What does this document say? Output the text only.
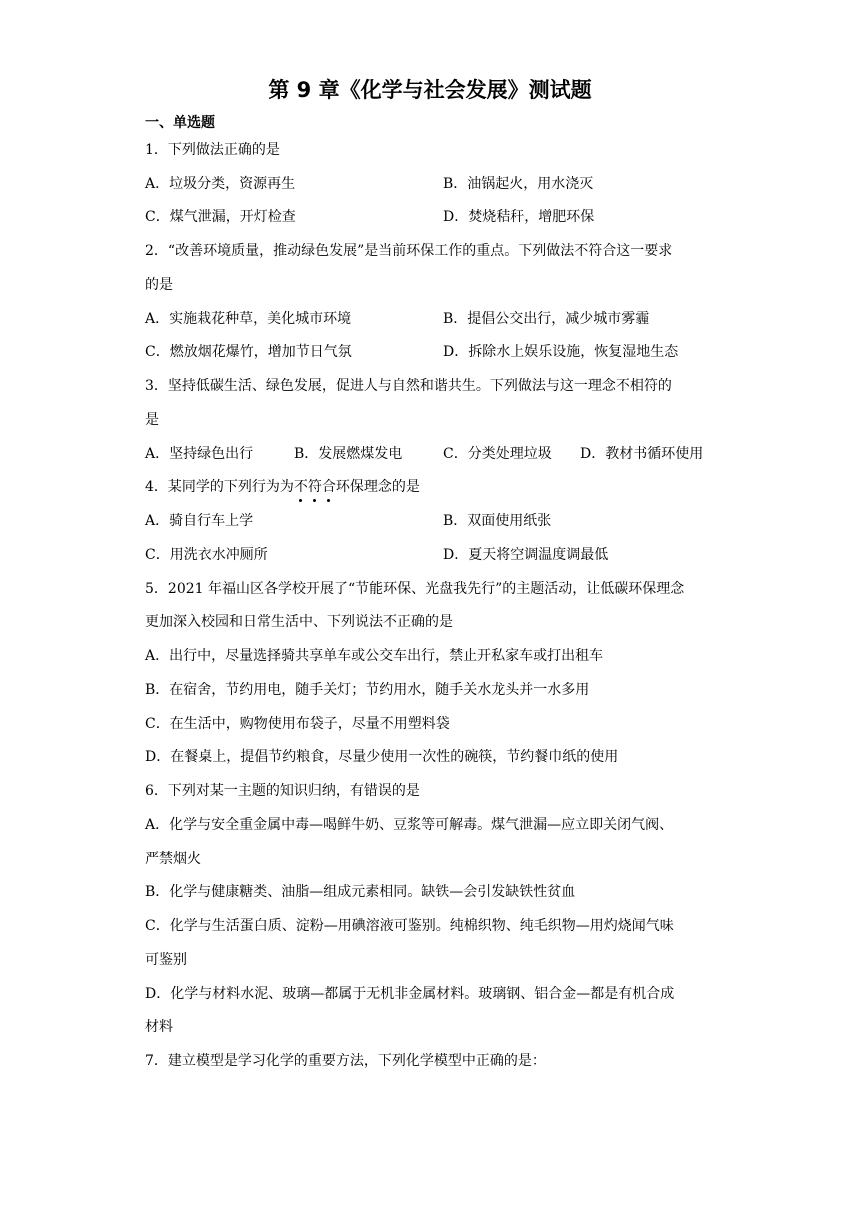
第 9 章《化学与社会发展》测试题
一、单选题
1．下列做法正确的是
A．垃圾分类，资源再生	B．油锅起火，用水浇灭
C．煤气泄漏，开灯检查	D．焚烧秸秆，增肥环保
2．“改善环境质量，推动绿色发展”是当前环保工作的重点。下列做法不符合这一要求
的是
A．实施栽花种草，美化城市环境	B．提倡公交出行，减少城市雾霾
C．燃放烟花爆竹，增加节日气氛	D．拆除水上娱乐设施，恢复湿地生态
3．坚持低碳生活、绿色发展，促进人与自然和谐共生。下列做法与这一理念不相符的
是
A．坚持绿色出行	B．发展燃煤发电	C．分类处理垃圾 D．教材书循环使用
4．某同学的下列行为为不符合环保理念的是
A．骑自行车上学	B．双面使用纸张
C．用洗衣水冲厕所	D．夏天将空调温度调最低
5．2021 年福山区各学校开展了“节能环保、光盘我先行”的主题活动，让低碳环保理念
更加深入校园和日常生活中、下列说法不正确的是
A．出行中，尽量选择骑共享单车或公交车出行，禁止开私家车或打出租车
B．在宿舍，节约用电，随手关灯；节约用水，随手关水龙头并一水多用
C．在生活中，购物使用布袋子，尽量不用塑料袋
D．在餐桌上，提倡节约粮食，尽量少使用一次性的碗筷，节约餐巾纸的使用
6．下列对某一主题的知识归纳，有错误的是
A．化学与安全重金属中毒—喝鲜牛奶、豆浆等可解毒。煤气泄漏—应立即关闭气阀、
严禁烟火
B．化学与健康糖类、油脂—组成元素相同。缺铁—会引发缺铁性贫血
C．化学与生活蛋白质、淀粉—用碘溶液可鉴别。纯棉织物、纯毛织物—用灼烧闻气味
可鉴别
D．化学与材料水泥、玻璃—都属于无机非金属材料。玻璃钢、铝合金—都是有机合成
材料
7．建立模型是学习化学的重要方法，下列化学模型中正确的是：
